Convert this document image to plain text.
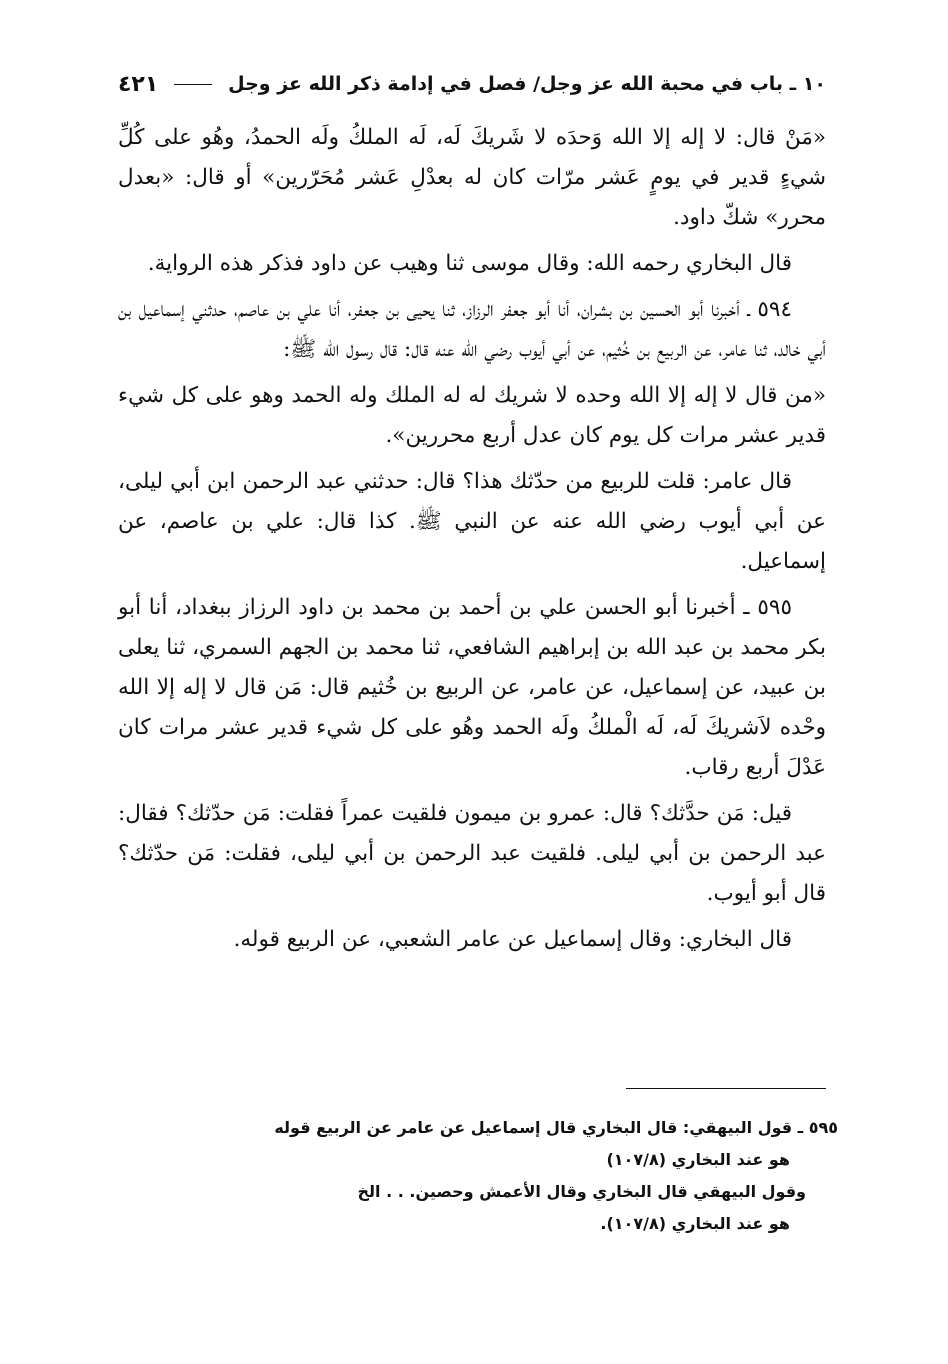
١٠ ـ باب في محبة الله عز وجل/ فصل في إدامة ذكر الله عز وجل
٤٢١

«مَنْ قال: لا إله إلا الله وَحدَه لا شَريكَ لَه، لَه الملكُ ولَه الحمدُ، وهُو على كُلِّ شيءٍ قدير في يومٍ عَشر مرّات كان له بعدْلِ عَشر مُحَرّرين» أو قال: «بعدل محرر» شكّ داود.

قال البخاري رحمه الله: وقال موسى ثنا وهيب عن داود فذكر هذه الرواية.

٥٩٤ ـ أخبرنا أبو الحسين بن بشران، أنا أبو جعفر الرزاز، ثنا يحيى بن جعفر، أنا علي بن عاصم، حدثني إسماعيل بن أبي خالد، ثنا عامر، عن الربيع بن خُثيم، عن أبي أيوب رضي الله عنه قال: قال رسول الله ﷺ:

«من قال لا إله إلا الله وحده لا شريك له له الملك وله الحمد وهو على كل شيء قدير عشر مرات كل يوم كان عدل أربع محررين».

قال عامر: قلت للربيع من حدّثك هذا؟ قال: حدثني عبد الرحمن ابن أبي ليلى، عن أبي أيوب رضي الله عنه عن النبي ﷺ. كذا قال: علي بن عاصم، عن إسماعيل.

٥٩٥ ـ أخبرنا أبو الحسن علي بن أحمد بن محمد بن داود الرزاز ببغداد، أنا أبو بكر محمد بن عبد الله بن إبراهيم الشافعي، ثنا محمد بن الجهم السمري، ثنا يعلى بن عبيد، عن إسماعيل، عن عامر، عن الربيع بن خُثيم قال: مَن قال لا إله إلا الله وحْده لاَشريكَ لَه، لَه الْملكُ ولَه الحمد وهُو على كل شيء قدير عشر مرات كان عَدْلَ أربع رقاب.

قيل: مَن حدَّثك؟ قال: عمرو بن ميمون فلقيت عمراً فقلت: مَن حدّثك؟ فقال: عبد الرحمن بن أبي ليلى. فلقيت عبد الرحمن بن أبي ليلى، فقلت: مَن حدّثك؟ قال أبو أيوب.

قال البخاري: وقال إسماعيل عن عامر الشعبي، عن الربيع قوله.

٥٩٥ ـ قول البيهقي: قال البخاري قال إسماعيل عن عامر عن الربيع قوله
هو عند البخاري (١٠٧/٨)
وقول البيهقي قال البخاري وقال الأعمش وحصين. . . الخ
هو عند البخاري (١٠٧/٨).
